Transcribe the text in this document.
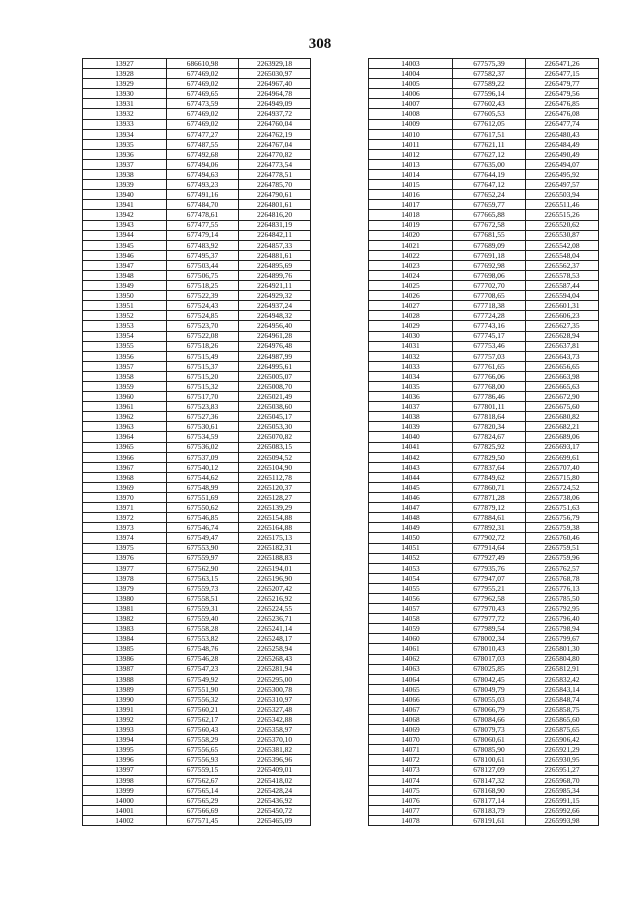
308
13927	686610,98	2263929,18
13928	677469,02	2265030,97
13929	677469,02	2264967,40
13930	677469,65	2264964,78
13931	677473,59	2264949,09
13932	677469,02	2264937,72
13933	677469,02	2264760,04
13934	677477,27	2264762,19
13935	677487,55	2264767,04
13936	677492,68	2264770,82
13937	677494,06	2264773,54
13938	677494,63	2264778,51
13939	677493,23	2264785,70
13940	677491,16	2264790,61
13941	677484,70	2264801,61
13942	677478,61	2264816,20
13943	677477,55	2264831,19
13944	677479,14	2264842,11
13945	677483,92	2264857,33
13946	677495,37	2264881,61
13947	677503,44	2264895,69
13948	677506,75	2264899,76
13949	677518,25	2264921,11
13950	677522,39	2264929,32
13951	677524,43	2264937,24
13952	677524,85	2264948,32
13953	677523,70	2264956,40
13954	677522,08	2264961,28
13955	677518,26	2264976,48
13956	677515,49	2264987,99
13957	677515,37	2264995,61
13958	677515,20	2265005,07
13959	677515,32	2265008,70
13960	677517,70	2265021,49
13961	677523,83	2265038,60
13962	677527,36	2265045,17
13963	677530,61	2265053,30
13964	677534,59	2265070,82
13965	677536,02	2265083,15
13966	677537,09	2265094,52
13967	677540,12	2265104,90
13968	677544,62	2265112,78
13969	677548,99	2265120,37
13970	677551,69	2265128,27
13971	677550,62	2265139,29
13972	677546,85	2265154,88
13973	677546,74	2265164,88
13974	677549,47	2265175,13
13975	677553,90	2265182,31
13976	677559,97	2265188,83
13977	677562,90	2265194,01
13978	677563,15	2265196,90
13979	677559,73	2265207,42
13980	677558,51	2265216,92
13981	677559,31	2265224,55
13982	677559,40	2265236,71
13983	677558,28	2265241,14
13984	677553,82	2265248,17
13985	677548,76	2265258,94
13986	677546,28	2265268,43
13987	677547,23	2265281,94
13988	677549,92	2265295,00
13989	677551,90	2265300,78
13990	677556,32	2265310,97
13991	677560,21	2265327,48
13992	677562,17	2265342,88
13993	677560,43	2265358,97
13994	677558,29	2265370,10
13995	677556,65	2265381,82
13996	677556,93	2265396,96
13997	677559,15	2265409,01
13998	677562,67	2265418,02
13999	677565,14	2265428,24
14000	677565,29	2265436,92
14001	677566,69	2265450,72
14002	677571,45	2265465,09
14003	677575,39	2265471,26
14004	677582,37	2265477,15
14005	677589,22	2265479,77
14006	677596,14	2265479,56
14007	677602,43	2265476,85
14008	677605,53	2265476,08
14009	677612,05	2265477,74
14010	677617,51	2265480,43
14011	677621,11	2265484,49
14012	677627,12	2265490,49
14013	677635,00	2265494,07
14014	677644,19	2265495,92
14015	677647,12	2265497,57
14016	677652,24	2265503,94
14017	677659,77	2265511,46
14018	677665,88	2265515,26
14019	677672,58	2265520,62
14020	677681,55	2265530,87
14021	677689,09	2265542,08
14022	677691,18	2265548,04
14023	677692,98	2265562,37
14024	677698,06	2265578,53
14025	677702,70	2265587,44
14026	677708,65	2265594,04
14027	677718,38	2265601,31
14028	677724,28	2265606,23
14029	677743,16	2265627,35
14030	677745,17	2265628,94
14031	677753,46	2265637,81
14032	677757,03	2265643,73
14033	677761,65	2265656,65
14034	677766,06	2265663,98
14035	677768,00	2265665,63
14036	677786,46	2265672,90
14037	677801,11	2265675,60
14038	677818,64	2265680,82
14039	677820,34	2265682,21
14040	677824,67	2265689,06
14041	677825,92	2265693,17
14042	677829,50	2265699,61
14043	677837,64	2265707,40
14044	677849,62	2265715,80
14045	677860,71	2265724,52
14046	677871,28	2265738,06
14047	677879,12	2265751,63
14048	677884,61	2265756,79
14049	677892,31	2265759,38
14050	677902,72	2265760,46
14051	677914,64	2265759,51
14052	677927,49	2265759,96
14053	677935,76	2265762,57
14054	677947,07	2265768,78
14055	677955,21	2265776,13
14056	677962,58	2265785,50
14057	677970,43	2265792,95
14058	677977,72	2265796,40
14059	677989,54	2265798,94
14060	678002,34	2265799,67
14061	678010,43	2265801,30
14062	678017,03	2265804,80
14063	678025,85	2265812,91
14064	678042,45	2265832,42
14065	678049,79	2265843,14
14066	678055,03	2265848,74
14067	678066,79	2265858,75
14068	678084,66	2265865,60
14069	678079,73	2265875,65
14070	678060,61	2265906,42
14071	678085,90	2265921,29
14072	678100,61	2265930,95
14073	678127,09	2265951,27
14074	678147,32	2265968,70
14075	678168,90	2265985,34
14076	678177,14	2265991,15
14077	678183,79	2265992,66
14078	678191,61	2265993,98
